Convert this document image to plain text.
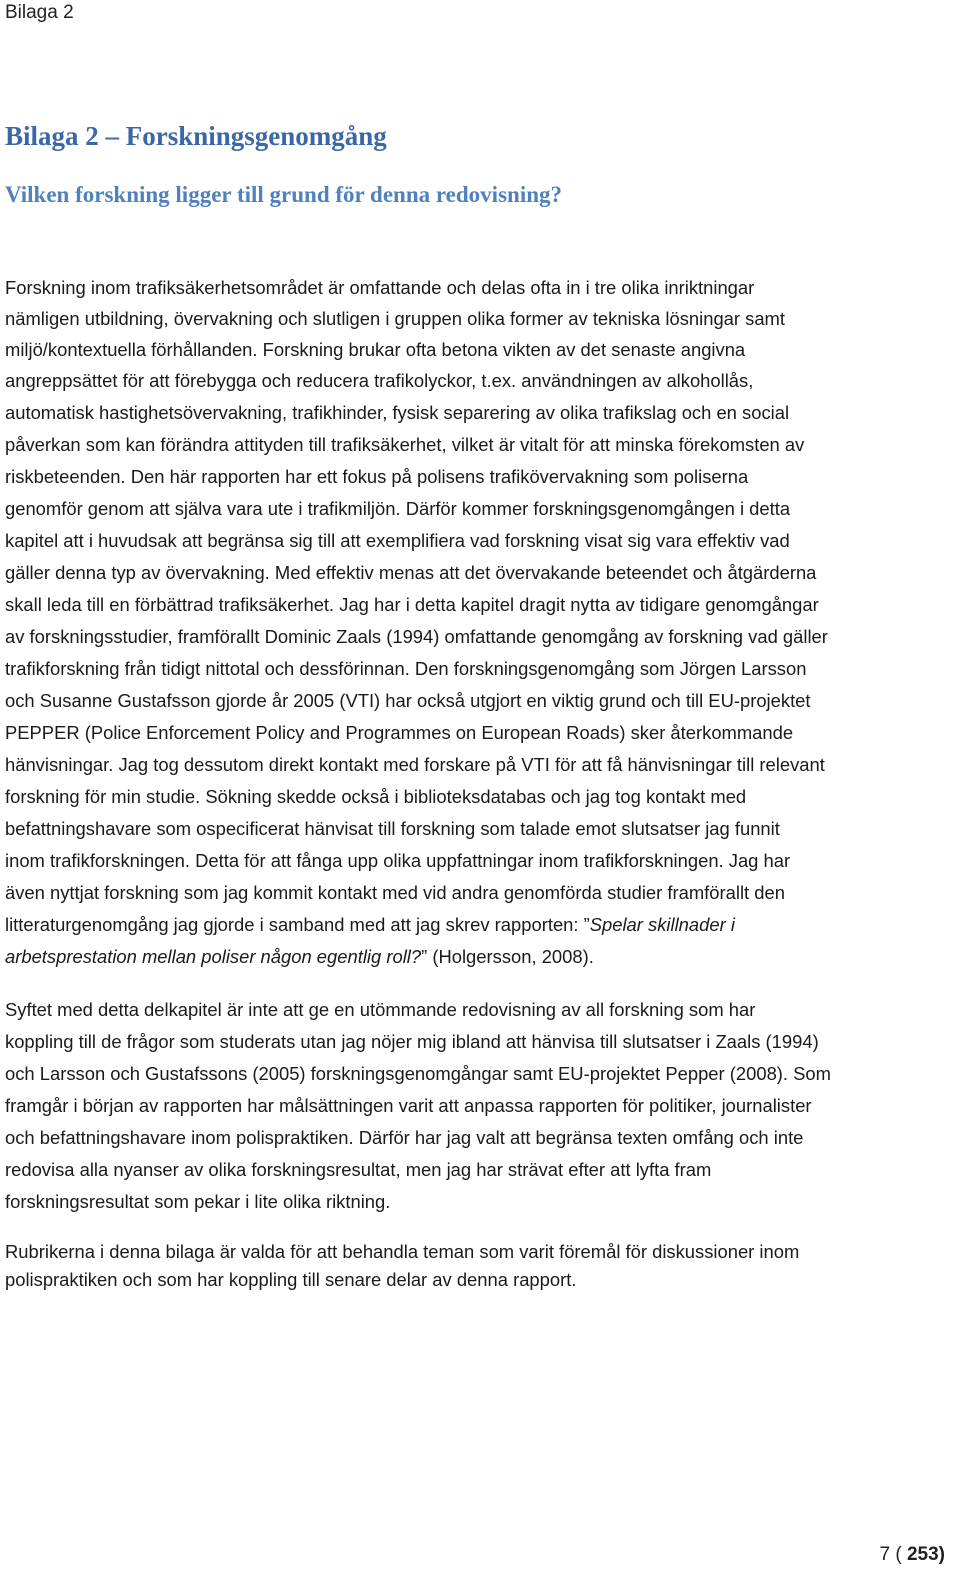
Bilaga 2
Bilaga 2 – Forskningsgenomgång
Vilken forskning ligger till grund för denna redovisning?

Forskning inom trafiksäkerhetsområdet är omfattande och delas ofta in i tre olika inriktningar
nämligen utbildning, övervakning och slutligen i gruppen olika former av tekniska lösningar samt
miljö/kontextuella förhållanden. Forskning brukar ofta betona vikten av det senaste angivna
angreppsättet för att förebygga och reducera trafikolyckor, t.ex. användningen av alkohollås,
automatisk hastighetsövervakning, trafikhinder, fysisk separering av olika trafikslag och en social
påverkan som kan förändra attityden till trafiksäkerhet, vilket är vitalt för att minska förekomsten av
riskbeteenden. Den här rapporten har ett fokus på polisens trafikövervakning som poliserna
genomför genom att själva vara ute i trafikmiljön. Därför kommer forskningsgenomgången i detta
kapitel att i huvudsak att begränsa sig till att exemplifiera vad forskning visat sig vara effektiv vad
gäller denna typ av övervakning. Med effektiv menas att det övervakande beteendet och åtgärderna
skall leda till en förbättrad trafiksäkerhet. Jag har i detta kapitel dragit nytta av tidigare genomgångar
av forskningsstudier, framförallt Dominic Zaals (1994) omfattande genomgång av forskning vad gäller
trafikforskning från tidigt nittotal och dessförinnan. Den forskningsgenomgång som Jörgen Larsson
och Susanne Gustafsson gjorde år 2005 (VTI) har också utgjort en viktig grund och till EU-projektet
PEPPER (Police Enforcement Policy and Programmes on European Roads) sker återkommande
hänvisningar. Jag tog dessutom direkt kontakt med forskare på VTI för att få hänvisningar till relevant
forskning för min studie. Sökning skedde också i biblioteksdatabas och jag tog kontakt med
befattningshavare som ospecificerat hänvisat till forskning som talade emot slutsatser jag funnit
inom trafikforskningen. Detta för att fånga upp olika uppfattningar inom trafikforskningen. Jag har
även nyttjat forskning som jag kommit kontakt med vid andra genomförda studier framförallt den
litteraturgenomgång jag gjorde i samband med att jag skrev rapporten: ”Spelar skillnader i
arbetsprestation mellan poliser någon egentlig roll?” (Holgersson, 2008).

Syftet med detta delkapitel är inte att ge en utömmande redovisning av all forskning som har
koppling till de frågor som studerats utan jag nöjer mig ibland att hänvisa till slutsatser i Zaals (1994)
och Larsson och Gustafssons (2005) forskningsgenomgångar samt EU-projektet Pepper (2008). Som
framgår i början av rapporten har målsättningen varit att anpassa rapporten för politiker, journalister
och befattningshavare inom polispraktiken. Därför har jag valt att begränsa texten omfång och inte
redovisa alla nyanser av olika forskningsresultat, men jag har strävat efter att lyfta fram
forskningsresultat som pekar i lite olika riktning.

Rubrikerna i denna bilaga är valda för att behandla teman som varit föremål för diskussioner inom
polispraktiken och som har koppling till senare delar av denna rapport.

7 ( 253)
